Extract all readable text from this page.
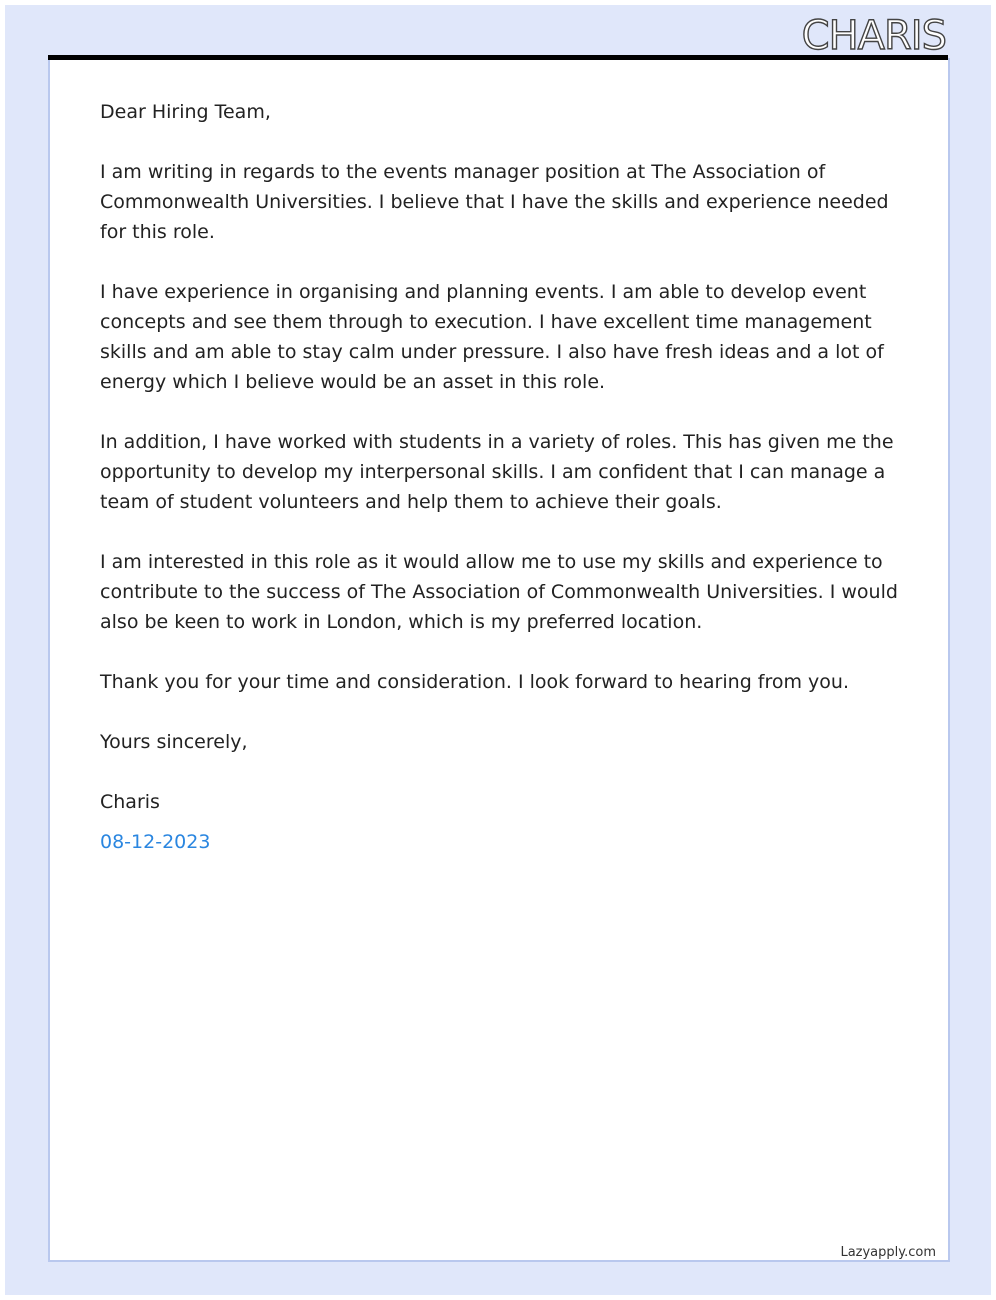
CHARIS

Dear Hiring Team,

I am writing in regards to the events manager position at The Association of Commonwealth Universities. I believe that I have the skills and experience needed for this role.

I have experience in organising and planning events. I am able to develop event concepts and see them through to execution. I have excellent time management skills and am able to stay calm under pressure. I also have fresh ideas and a lot of energy which I believe would be an asset in this role.

In addition, I have worked with students in a variety of roles. This has given me the opportunity to develop my interpersonal skills. I am confident that I can manage a team of student volunteers and help them to achieve their goals.

I am interested in this role as it would allow me to use my skills and experience to contribute to the success of The Association of Commonwealth Universities. I would also be keen to work in London, which is my preferred location.

Thank you for your time and consideration. I look forward to hearing from you.

Yours sincerely,

Charis

08-12-2023

Lazyapply.com
